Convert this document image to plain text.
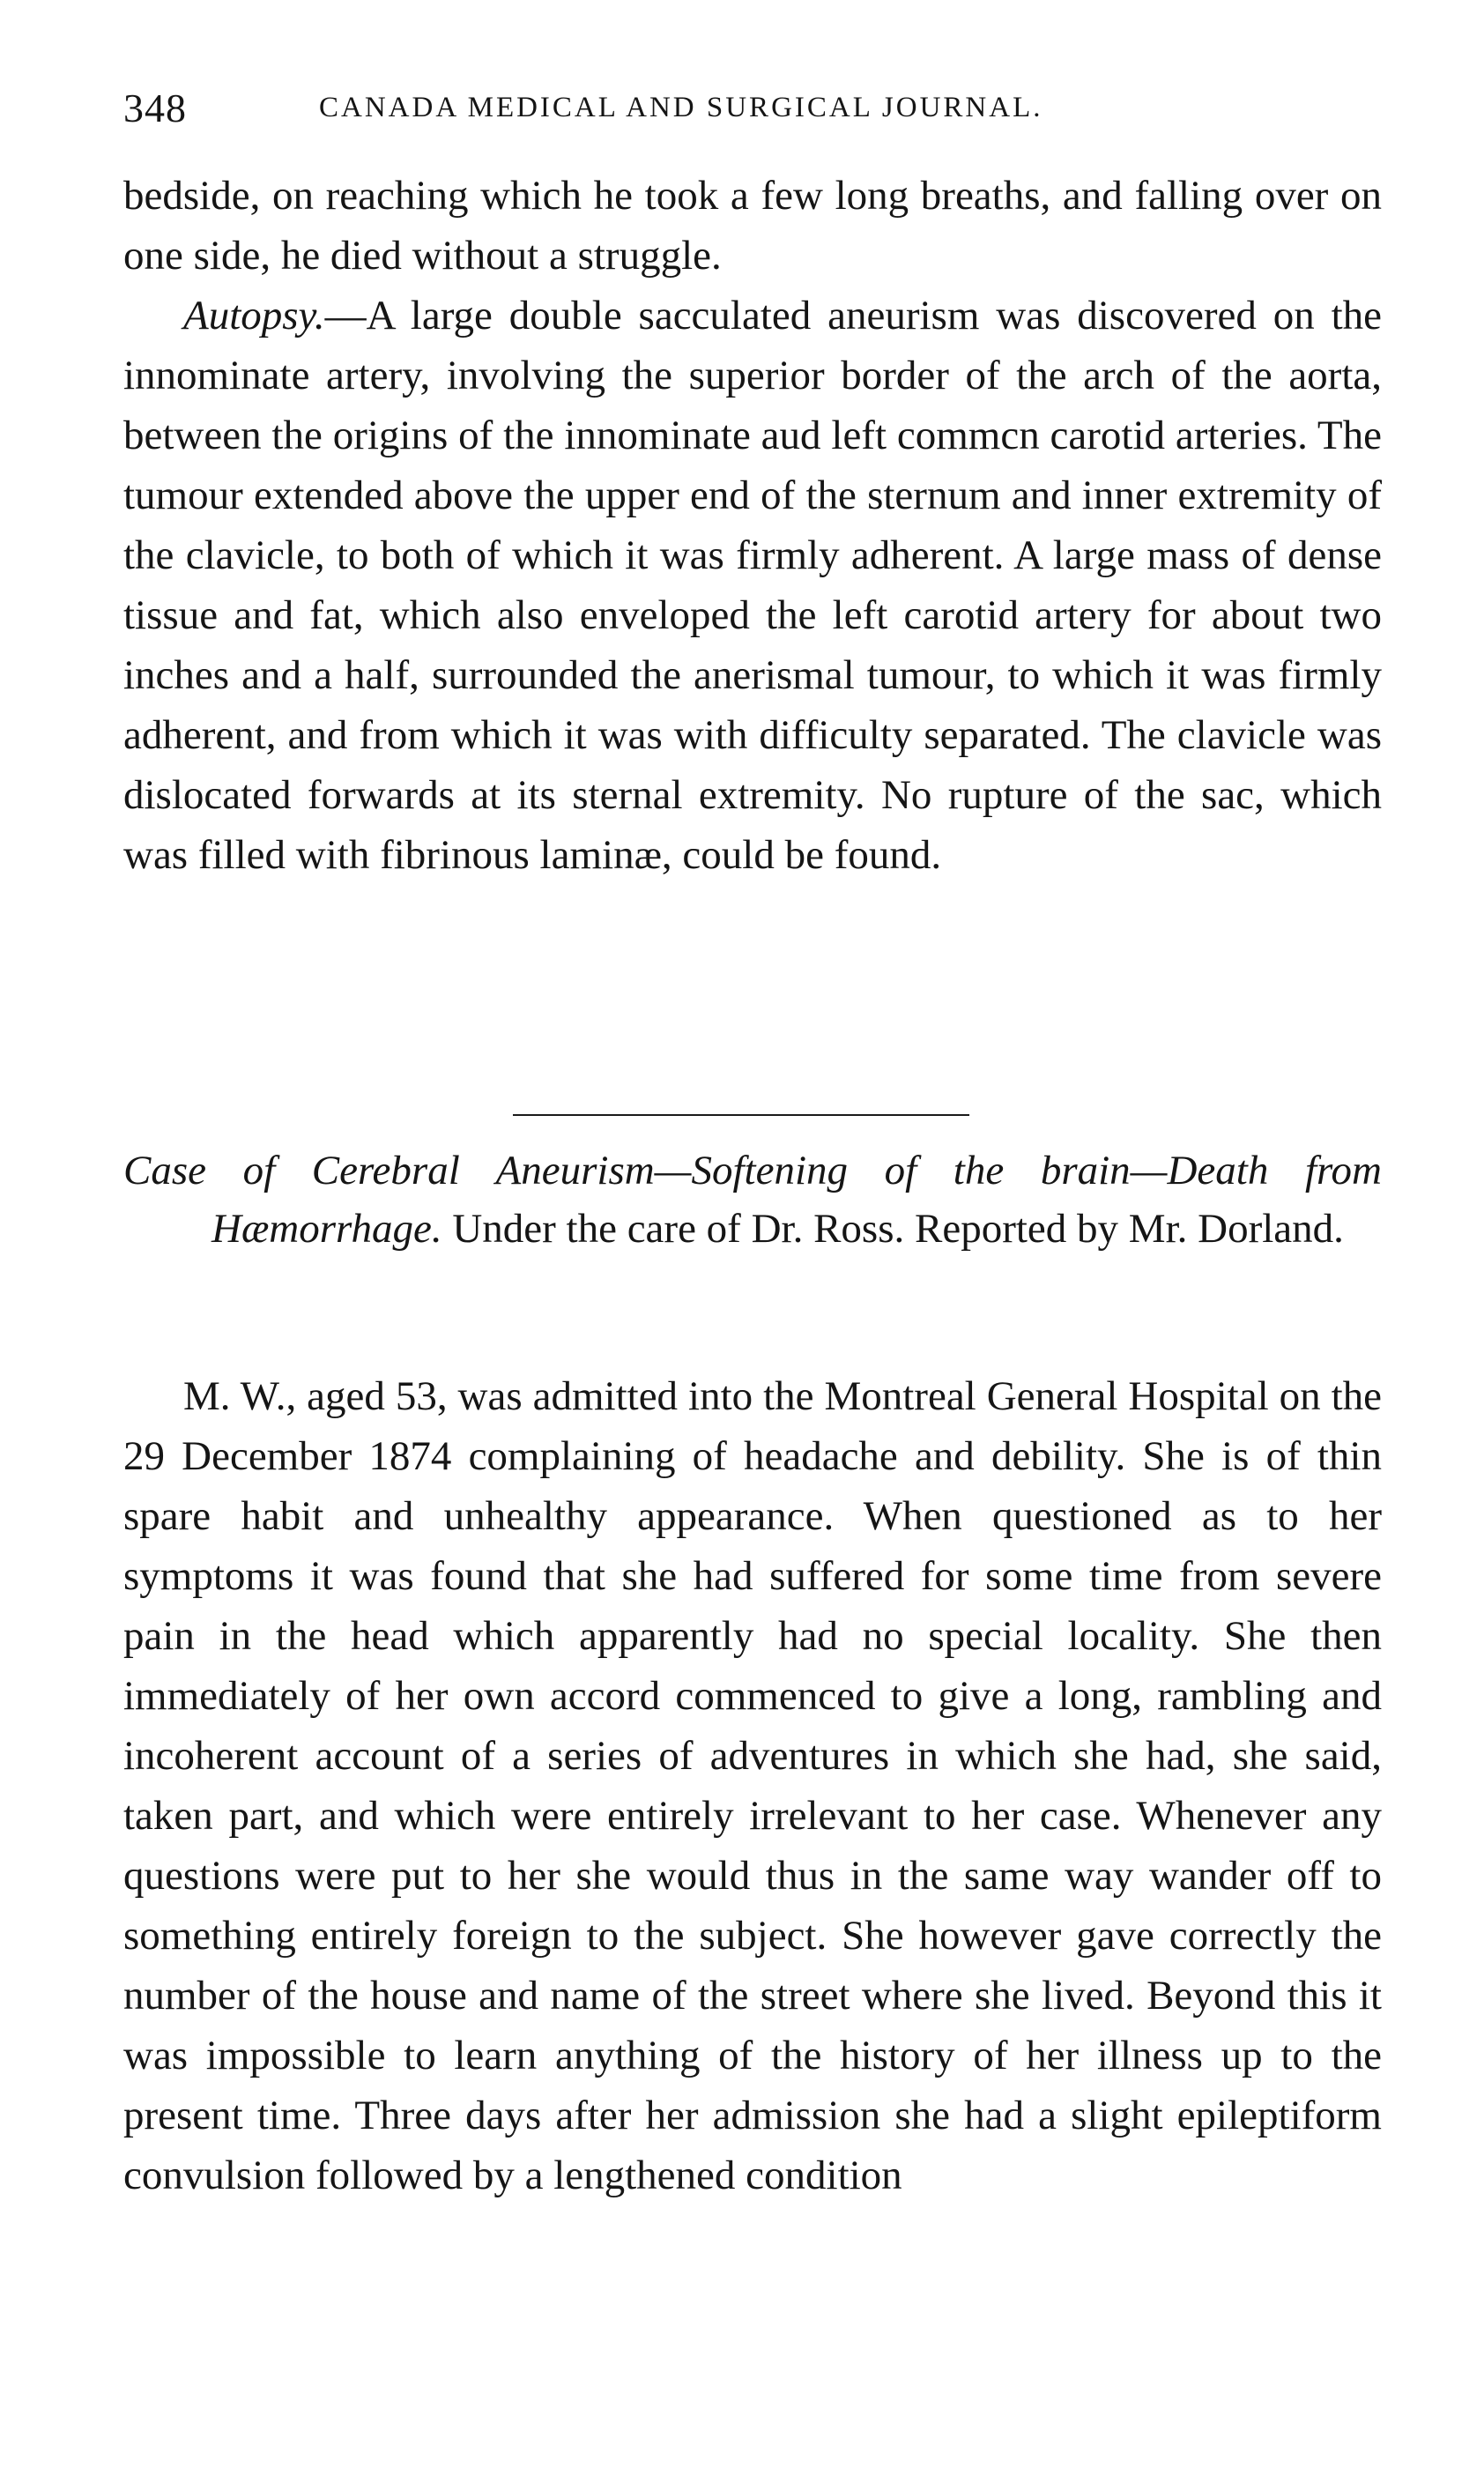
348	CANADA MEDICAL AND SURGICAL JOURNAL.

bedside, on reaching which he took a few long breaths, and falling over on one side, he died without a struggle.

Autopsy.—A large double sacculated aneurism was discovered on the innominate artery, involving the superior border of the arch of the aorta, between the origins of the innominate aud left commcn carotid arteries. The tumour extended above the upper end of the sternum and inner extremity of the clavicle, to both of which it was firmly adherent. A large mass of dense tissue and fat, which also enveloped the left carotid artery for about two inches and a half, surrounded the anerismal tumour, to which it was firmly adherent, and from which it was with difficulty separated. The clavicle was dislocated forwards at its sternal extremity. No rupture of the sac, which was filled with fibrinous laminæ, could be found.

Case of Cerebral Aneurism—Softening of the brain—Death from Hæmorrhage. Under the care of Dr. Ross. Reported by Mr. Dorland.

M. W., aged 53, was admitted into the Montreal General Hospital on the 29 December 1874 complaining of headache and debility. She is of thin spare habit and unhealthy appearance. When questioned as to her symptoms it was found that she had suffered for some time from severe pain in the head which apparently had no special locality. She then immediately of her own accord commenced to give a long, rambling and incoherent account of a series of adventures in which she had, she said, taken part, and which were entirely irrelevant to her case. Whenever any questions were put to her she would thus in the same way wander off to something entirely foreign to the subject. She however gave correctly the number of the house and name of the street where she lived. Beyond this it was impossible to learn anything of the history of her illness up to the present time. Three days after her admission she had a slight epileptiform convulsion followed by a lengthened condition
